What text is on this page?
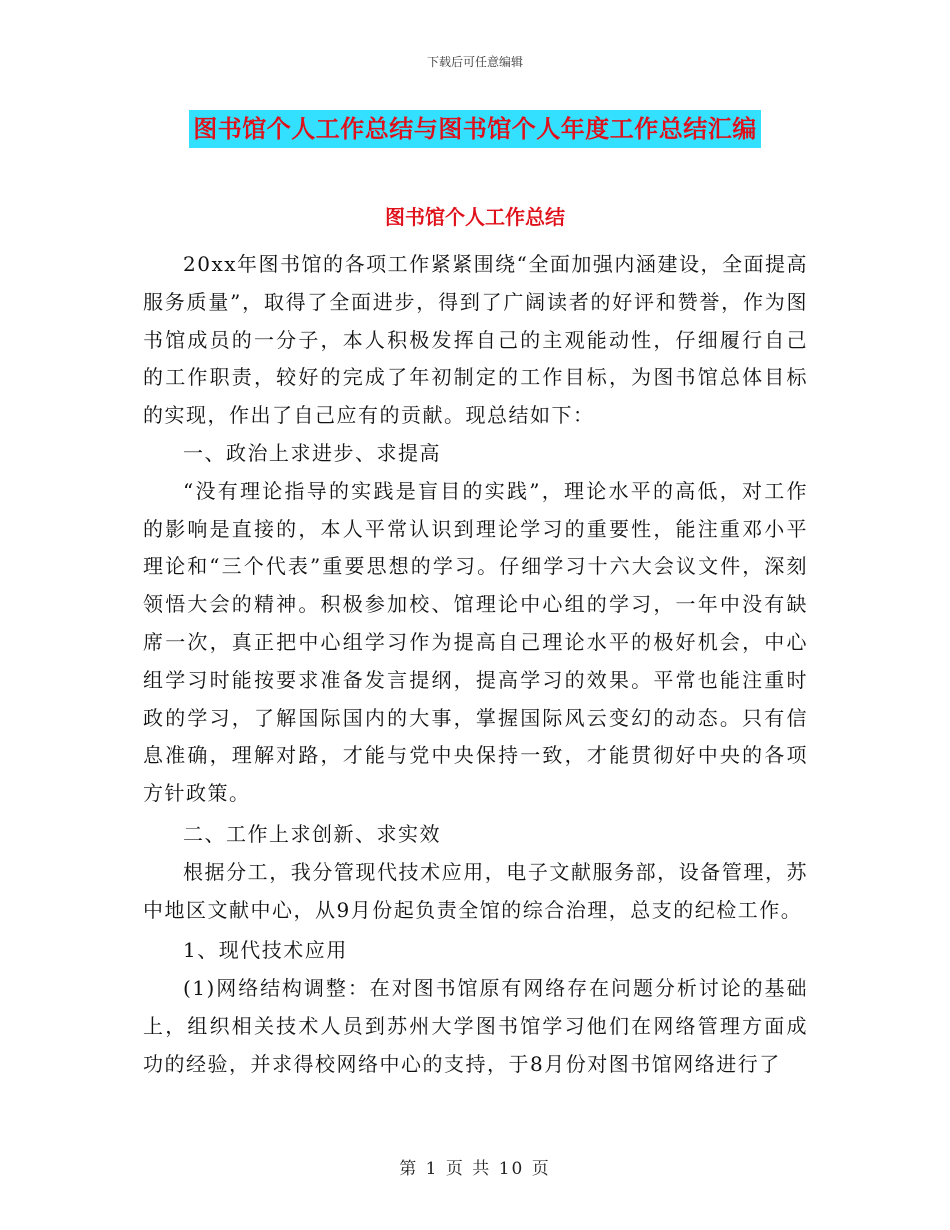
下载后可任意编辑
图书馆个人工作总结与图书馆个人年度工作总结汇编
图书馆个人工作总结

20xx年图书馆的各项工作紧紧围绕“全面加强内涵建设，全面提高服务质量”，取得了全面进步，得到了广阔读者的好评和赞誉，作为图书馆成员的一分子，本人积极发挥自己的主观能动性，仔细履行自己的工作职责，较好的完成了年初制定的工作目标，为图书馆总体目标的实现，作出了自己应有的贡献。现总结如下：

一、政治上求进步、求提高

“没有理论指导的实践是盲目的实践”，理论水平的高低，对工作的影响是直接的，本人平常认识到理论学习的重要性，能注重邓小平理论和“三个代表”重要思想的学习。仔细学习十六大会议文件，深刻领悟大会的精神。积极参加校、馆理论中心组的学习，一年中没有缺席一次，真正把中心组学习作为提高自己理论水平的极好机会，中心组学习时能按要求准备发言提纲，提高学习的效果。平常也能注重时政的学习，了解国际国内的大事，掌握国际风云变幻的动态。只有信息准确，理解对路，才能与党中央保持一致，才能贯彻好中央的各项方针政策。

二、工作上求创新、求实效

根据分工，我分管现代技术应用，电子文献服务部，设备管理，苏中地区文献中心，从9月份起负责全馆的综合治理，总支的纪检工作。

1、现代技术应用

(1)网络结构调整：在对图书馆原有网络存在问题分析讨论的基础上，组织相关技术人员到苏州大学图书馆学习他们在网络管理方面成功的经验，并求得校网络中心的支持，于8月份对图书馆网络进行了

第 1 页 共 10 页
